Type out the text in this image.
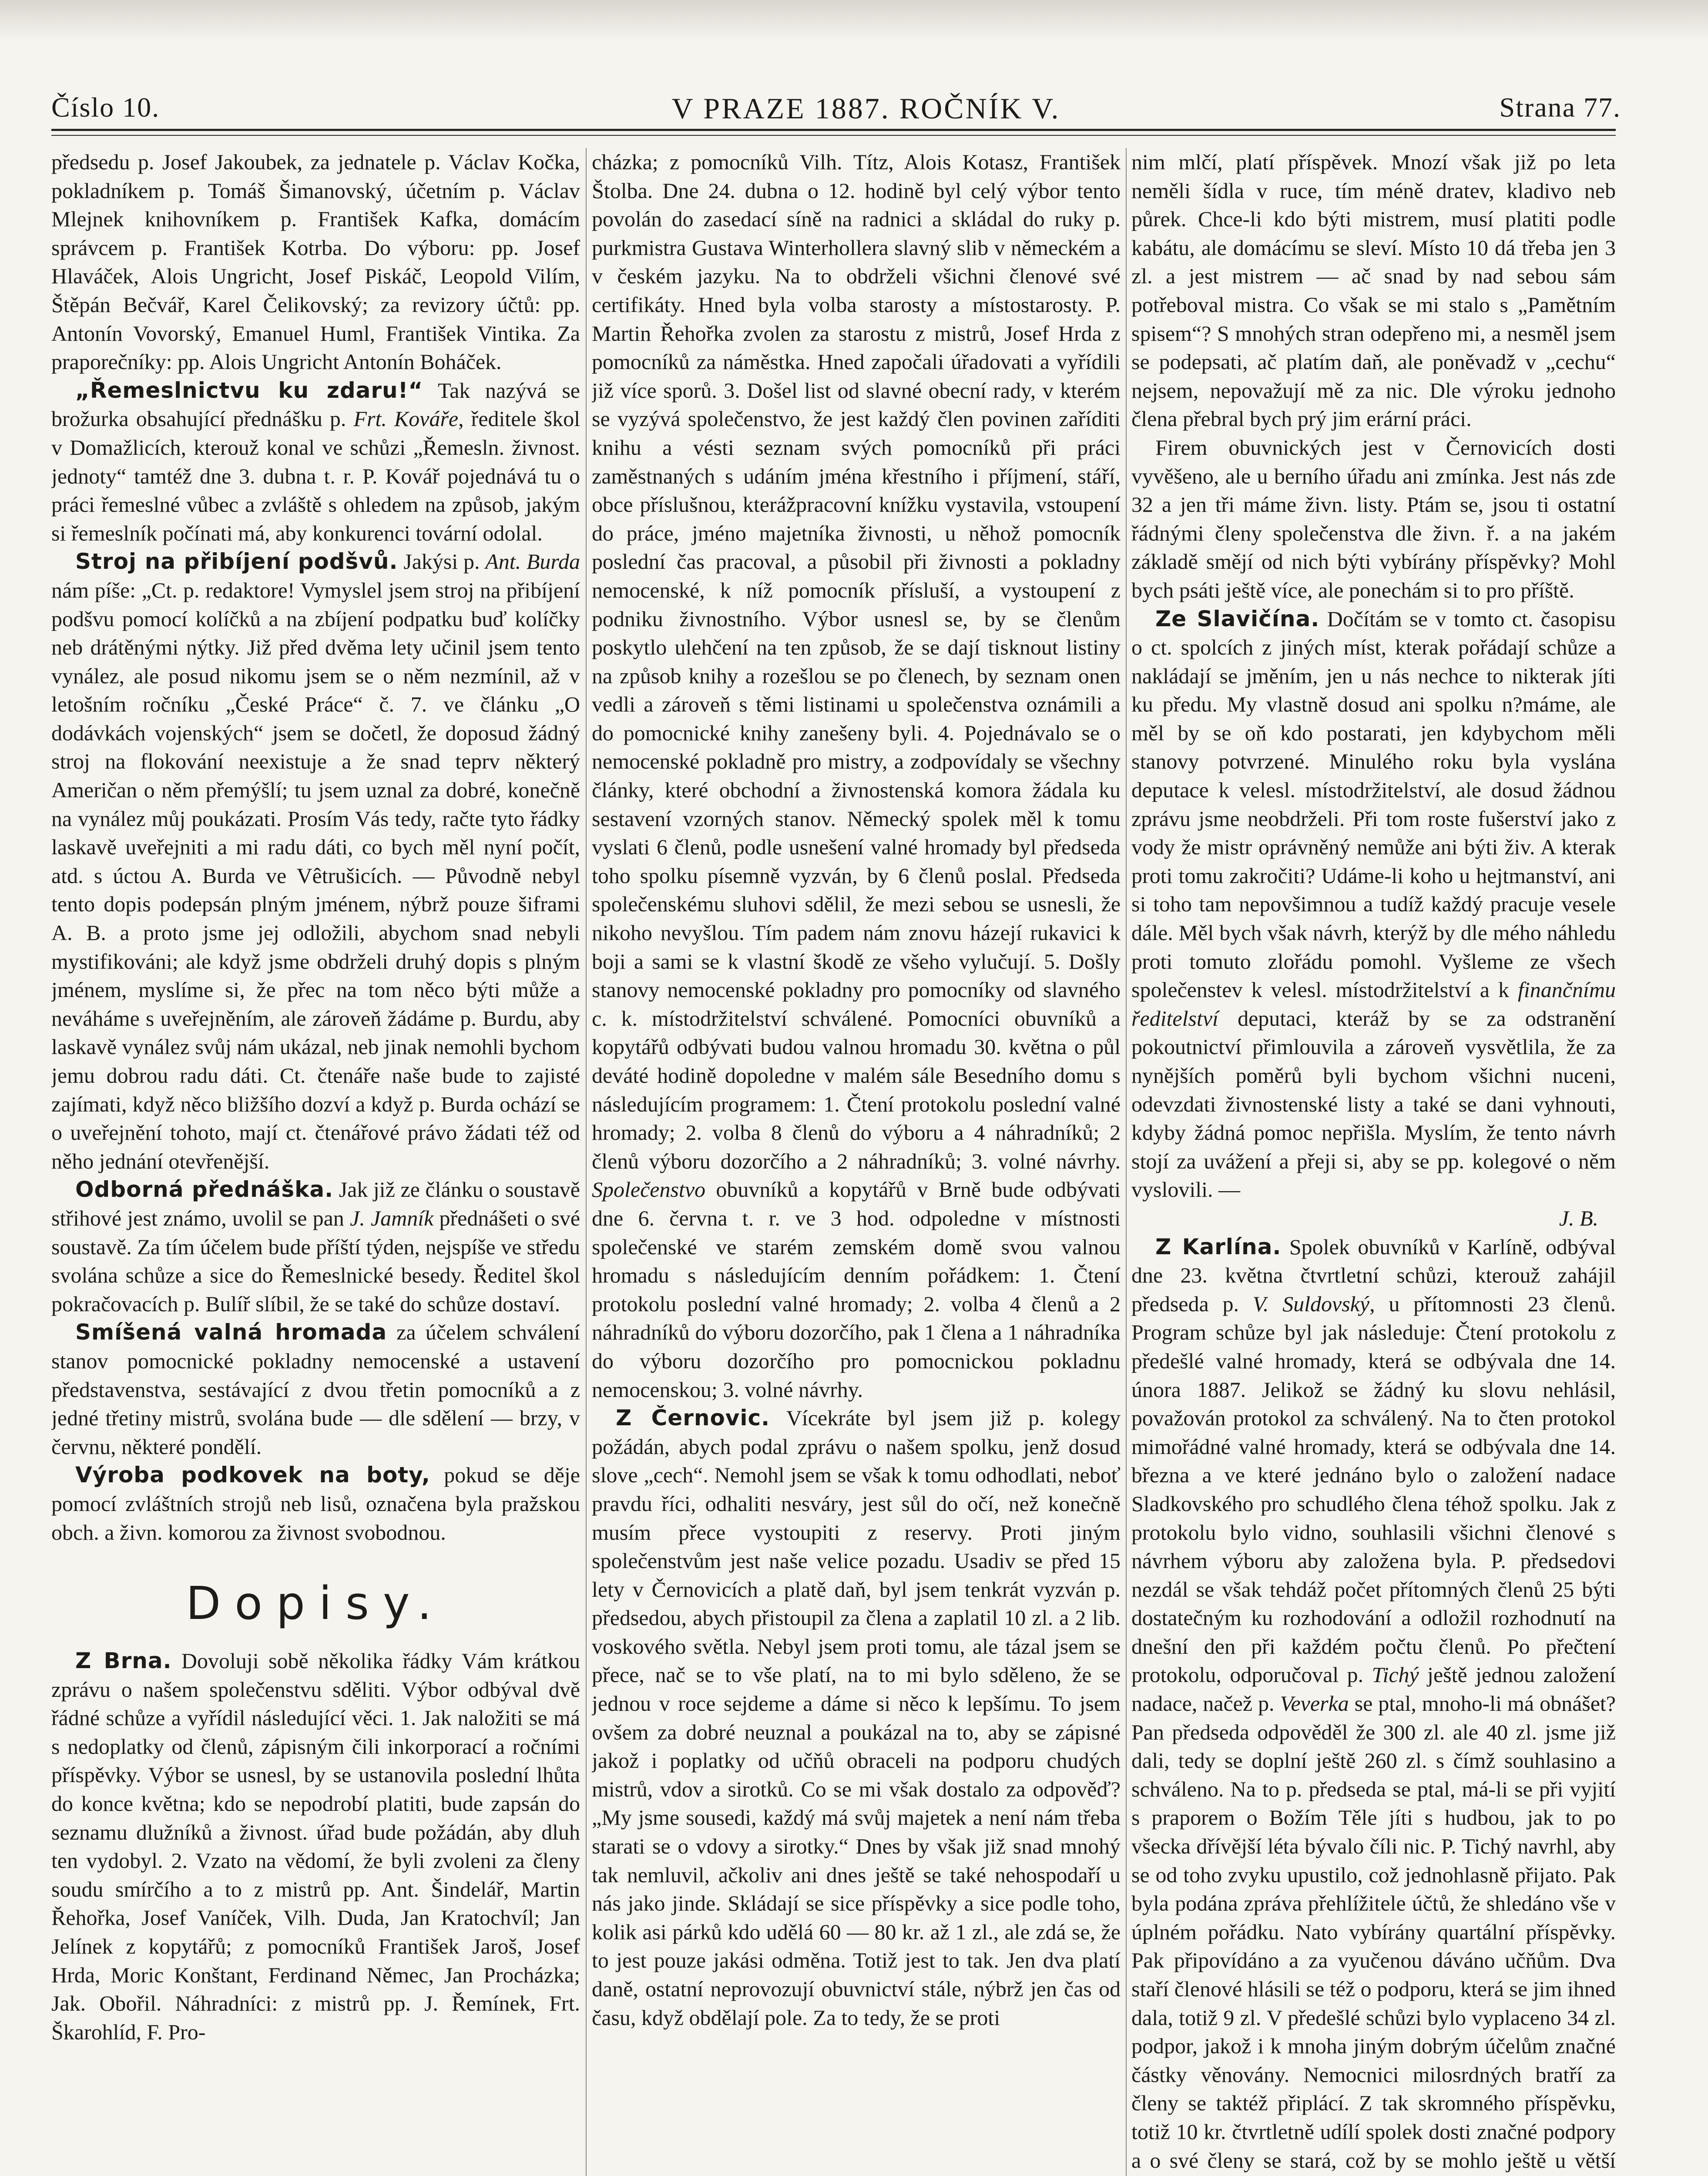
Číslo 10.	V PRAZE 1887. ROČNÍK V.	Strana 77.

předsedu p. Josef Jakoubek, za jednatele p. Václav Kočka, pokladníkem p. Tomáš Šimanovský, účetním p. Václav Mlejnek knihovníkem p. František Kafka, domácím správcem p. František Kotrba. Do výboru: pp. Josef Hlaváček, Alois Ungricht, Josef Piskáč, Leopold Vilím, Štěpán Bečvář, Karel Čelikovský; za revizory účtů: pp. Antonín Vovorský, Emanuel Huml, František Vintika. Za praporečníky: pp. Alois Ungricht Antonín Boháček.

„Řemeslnictvu ku zdaru!“ Tak nazývá se brožurka obsahující přednášku p. Frt. Kováře, ředitele škol v Domažlicích, kterouž konal ve schůzi „Řemesln. živnost. jednoty“ tamtéž dne 3. dubna t. r. P. Kovář pojednává tu o práci řemeslné vůbec a zvláště s ohledem na způsob, jakým si řemeslník počínati má, aby konkurenci tovární odolal.

Stroj na přibíjení podšvů. Jakýsi p. Ant. Burda nám píše: „Ct. p. redaktore! Vymyslel jsem stroj na přibíjení podšvu pomocí kolíčků a na zbíjení podpatku buď kolíčky neb drátěnými nýtky. Již před dvěma lety učinil jsem tento vynález, ale posud nikomu jsem se o něm nezmínil, až v letošním ročníku „České Práce“ č. 7. ve článku „O dodávkách vojenských“ jsem se dočetl, že doposud žádný stroj na flokování neexistuje a že snad teprv některý Američan o něm přemýšlí; tu jsem uznal za dobré, konečně na vynález můj poukázati. Prosím Vás tedy, račte tyto řádky laskavě uveřejniti a mi radu dáti, co bych měl nyní počít, atd. s úctou A. Burda ve Vêtrušicích. — Původně nebyl tento dopis podepsán plným jménem, nýbrž pouze šiframi A. B. a proto jsme jej odložili, abychom snad nebyli mystifikováni; ale když jsme obdrželi druhý dopis s plným jménem, myslíme si, že přec na tom něco býti může a neváháme s uveřejněním, ale zároveň žádáme p. Burdu, aby laskavě vynález svůj nám ukázal, neb jinak nemohli bychom jemu dobrou radu dáti. Ct. čtenáře naše bude to zajisté zajímati, když něco bližšího dozví a když p. Burda ochází se o uveřejnění tohoto, mají ct. čtenářové právo žádati též od něho jednání otevřenější.

Odborná přednáška. Jak již ze článku o soustavě střihové jest známo, uvolil se pan J. Jamník přednášeti o své soustavě. Za tím účelem bude příští týden, nejspíše ve středu svolána schůze a sice do Řemeslnické besedy. Ředitel škol pokračovacích p. Bulíř slíbil, že se také do schůze dostaví.

Smíšená valná hromada za účelem schválení stanov pomocnické pokladny nemocenské a ustavení představenstva, sestávající z dvou třetin pomocníků a z jedné třetiny mistrů, svolána bude — dle sdělení — brzy, v červnu, některé pondělí.

Výroba podkovek na boty, pokud se děje pomocí zvláštních strojů neb lisů, označena byla pražskou obch. a živn. komorou za živnost svobodnou.

Dopisy.

Z Brna. Dovoluji sobě několika řádky Vám krátkou zprávu o našem společenstvu sděliti. Výbor odbýval dvě řádné schůze a vyřídil následující věci. 1. Jak naložiti se má s nedoplatky od členů, zápisným čili inkorporací a ročními příspěvky. Výbor se usnesl, by se ustanovila poslední lhůta do konce května; kdo se nepodrobí platiti, bude zapsán do seznamu dlužníků a živnost. úřad bude požádán, aby dluh ten vydobyl. 2. Vzato na vědomí, že byli zvoleni za členy soudu smírčího a to z mistrů pp. Ant. Šindelář, Martin Řehořka, Josef Vaníček, Vilh. Duda, Jan Kratochvíl; Jan Jelínek z kopytářů; z pomocníků František Jaroš, Josef Hrda, Moric Konštant, Ferdinand Němec, Jan Procházka; Jak. Obořil. Náhradníci: z mistrů pp. J. Řemínek, Frt. Škarohlíd, F. Pro-

cházka; z pomocníků Vilh. Títz, Alois Kotasz, František Štolba. Dne 24. dubna o 12. hodině byl celý výbor tento povolán do zasedací síně na radnici a skládal do ruky p. purkmistra Gustava Winterhollera slavný slib v německém a v českém jazyku. Na to obdrželi všichni členové své certifikáty. Hned byla volba starosty a místostarosty. P. Martin Řehořka zvolen za starostu z mistrů, Josef Hrda z pomocníků za náměstka. Hned započali úřadovati a vyřídili již více sporů. 3. Došel list od slavné obecní rady, v kterém se vyzývá společenstvo, že jest každý člen povinen zaříditi knihu a vésti seznam svých pomocníků při práci zaměstnaných s udáním jména křestního i příjmení, stáří, obce příslušnou, kterážpracovní knížku vystavila, vstoupení do práce, jméno majetníka živnosti, u něhož pomocník poslední čas pracoval, a působil při živnosti a pokladny nemocenské, k níž pomocník přísluší, a vystoupení z podniku živnostního. Výbor usnesl se, by se členům poskytlo ulehčení na ten způsob, že se dají tisknout listiny na způsob knihy a rozešlou se po členech, by seznam onen vedli a zároveň s těmi listinami u společenstva oznámili a do pomocnické knihy zanešeny byli. 4. Pojednávalo se o nemocenské pokladně pro mistry, a zodpovídaly se všechny články, které obchodní a živnostenská komora žádala ku sestavení vzorných stanov. Německý spolek měl k tomu vyslati 6 členů, podle usnešení valné hromady byl předseda toho spolku písemně vyzván, by 6 členů poslal. Předseda společenskému sluhovi sdělil, že mezi sebou se usnesli, že nikoho nevyšlou. Tím padem nám znovu házejí rukavici k boji a sami se k vlastní škodě ze všeho vylučují. 5. Došly stanovy nemocenské pokladny pro pomocníky od slavného c. k. místodržitelství schválené. Pomocníci obuvníků a kopytářů odbývati budou valnou hromadu 30. května o půl deváté hodině dopoledne v malém sále Besedního domu s následujícím programem: 1. Čtení protokolu poslední valné hromady; 2. volba 8 členů do výboru a 4 náhradníků; 2 členů výboru dozorčího a 2 náhradníků; 3. volné návrhy. Společenstvo obuvníků a kopytářů v Brně bude odbývati dne 6. června t. r. ve 3 hod. odpoledne v místnosti společenské ve starém zemském domě svou valnou hromadu s následujícím denním pořádkem: 1. Čtení protokolu poslední valné hromady; 2. volba 4 členů a 2 náhradníků do výboru dozorčího, pak 1 člena a 1 náhradníka do výboru dozorčího pro pomocnickou pokladnu nemocenskou; 3. volné návrhy.

Z Černovic. Vícekráte byl jsem již p. kolegy požádán, abych podal zprávu o našem spolku, jenž dosud slove „cech“. Nemohl jsem se však k tomu odhodlati, neboť pravdu říci, odhaliti nesváry, jest sůl do očí, než konečně musím přece vystoupiti z reservy. Proti jiným společenstvům jest naše velice pozadu. Usadiv se před 15 lety v Černovicích a platě daň, byl jsem tenkrát vyzván p. předsedou, abych přistoupil za člena a zaplatil 10 zl. a 2 lib. voskového světla. Nebyl jsem proti tomu, ale tázal jsem se přece, nač se to vše platí, na to mi bylo sděleno, že se jednou v roce sejdeme a dáme si něco k lepšímu. To jsem ovšem za dobré neuznal a poukázal na to, aby se zápisné jakož i poplatky od učňů obraceli na podporu chudých mistrů, vdov a sirotků. Co se mi však dostalo za odpověď? „My jsme sousedi, každý má svůj majetek a není nám třeba starati se o vdovy a sirotky.“ Dnes by však již snad mnohý tak nemluvil, ačkoliv ani dnes ještě se také nehospodaří u nás jako jinde. Skládají se sice příspěvky a sice podle toho, kolik asi párků kdo udělá 60 — 80 kr. až 1 zl., ale zdá se, že to jest pouze jakási odměna. Totiž jest to tak. Jen dva platí daně, ostatní neprovozují obuvnictví stále, nýbrž jen čas od času, když obdělají pole. Za to tedy, že se proti

nim mlčí, platí příspěvek. Mnozí však již po leta neměli šídla v ruce, tím méně dratev, kladivo neb půrek. Chce-li kdo býti mistrem, musí platiti podle kabátu, ale domácímu se sleví. Místo 10 dá třeba jen 3 zl. a jest mistrem — ač snad by nad sebou sám potřeboval mistra. Co však se mi stalo s „Pamětním spisem“? S mnohých stran odepřeno mi, a nesměl jsem se podepsati, ač platím daň, ale poněvadž v „cechu“ nejsem, nepovažují mě za nic. Dle výroku jednoho člena přebral bych prý jim erární práci.

Firem obuvnických jest v Černovicích dosti vyvěšeno, ale u berního úřadu ani zmínka. Jest nás zde 32 a jen tři máme živn. listy. Ptám se, jsou ti ostatní řádnými členy společenstva dle živn. ř. a na jakém základě smějí od nich býti vybírány příspěvky? Mohl bych psáti ještě více, ale ponechám si to pro příště.

Ze Slavičína. Dočítám se v tomto ct. časopisu o ct. spolcích z jiných míst, kterak pořádají schůze a nakládají se jměním, jen u nás nechce to nikterak jíti ku předu. My vlastně dosud ani spolku n?máme, ale měl by se oň kdo postarati, jen kdybychom měli stanovy potvrzené. Minulého roku byla vyslána deputace k velesl. místodržitelství, ale dosud žádnou zprávu jsme neobdrželi. Při tom roste fušerství jako z vody že mistr oprávněný nemůže ani býti živ. A kterak proti tomu zakročiti? Udáme-li koho u hejtmanství, ani si toho tam nepovšimnou a tudíž každý pracuje vesele dále. Měl bych však návrh, kterýž by dle mého náhledu proti tomuto zlořádu pomohl. Vyšleme ze všech společenstev k velesl. místodržitelství a k finančnímu ředitelství deputaci, kteráž by se za odstranění pokoutnictví přimlouvila a zároveň vysvětlila, že za nynějších poměrů byli bychom všichni nuceni, odevzdati živnostenské listy a také se dani vyhnouti, kdyby žádná pomoc nepřišla. Myslím, že tento návrh stojí za uvážení a přeji si, aby se pp. kolegové o něm vyslovili. —
J. B.

Z Karlína. Spolek obuvníků v Karlíně, odbýval dne 23. května čtvrtletní schůzi, kterouž zahájil předseda p. V. Suldovský, u přítomnosti 23 členů. Program schůze byl jak následuje: Čtení protokolu z předešlé valné hromady, která se odbývala dne 14. února 1887. Jelikož se žádný ku slovu nehlásil, považován protokol za schválený. Na to čten protokol mimořádné valné hromady, která se odbývala dne 14. března a ve které jednáno bylo o založení nadace Sladkovského pro schudlého člena téhož spolku. Jak z protokolu bylo vidno, souhlasili všichni členové s návrhem výboru aby založena byla. P. předsedovi nezdál se však tehdáž počet přítomných členů 25 býti dostatečným ku rozhodování a odložil rozhodnutí na dnešní den při každém počtu členů. Po přečtení protokolu, odporučoval p. Tichý ještě jednou založení nadace, načež p. Veverka se ptal, mnoho-li má obnášet? Pan předseda odpověděl že 300 zl. ale 40 zl. jsme již dali, tedy se doplní ještě 260 zl. s čímž souhlasino a schváleno. Na to p. předseda se ptal, má-li se při vyjití s praporem o Božím Těle jíti s hudbou, jak to po všecka dřívější léta bývalo číli nic. P. Tichý navrhl, aby se od toho zvyku upustilo, což jednohlasně přijato. Pak byla podána zpráva přehlížitele účtů, že shledáno vše v úplném pořádku. Nato vybírány quartální příspěvky. Pak připovídáno a za vyučenou dáváno učňům. Dva staří členové hlásili se též o podporu, která se jim ihned dala, totiž 9 zl. V předešlé schůzi bylo vyplaceno 34 zl. podpor, jakož i k mnoha jiným dobrým účelům značné částky věnovány. Nemocnici milosrdných bratří za členy se taktéž připlácí. Z tak skromného příspěvku, totiž 10 kr. čtvrtletně udílí spolek dosti značné podpory a o své členy se stará, což by se mohlo ještě u větší
